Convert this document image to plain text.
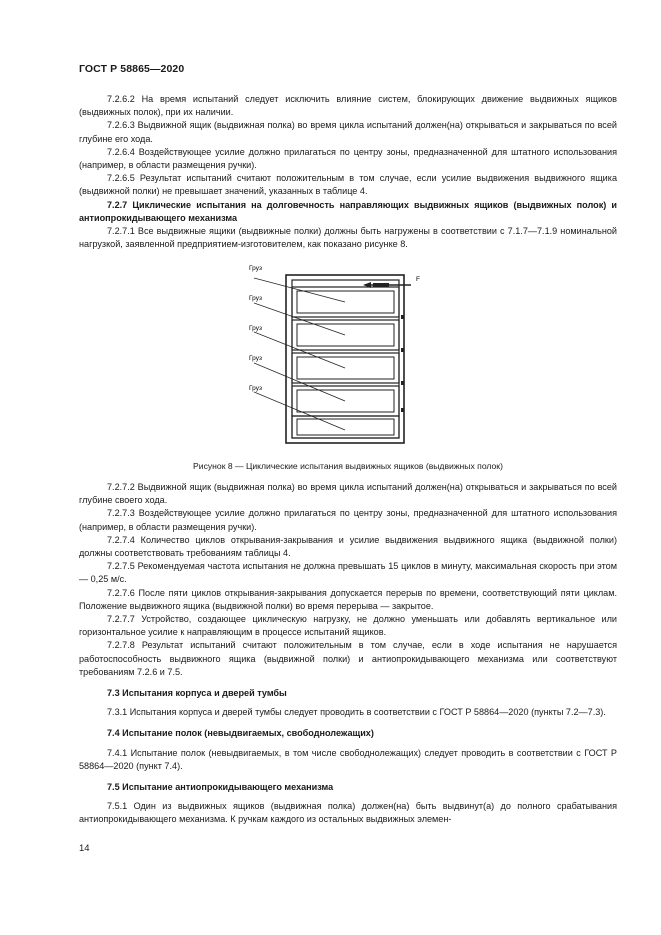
ГОСТ Р 58865—2020

7.2.6.2 На время испытаний следует исключить влияние систем, блокирующих движение выдвижных ящиков (выдвижных полок), при их наличии.

7.2.6.3 Выдвижной ящик (выдвижная полка) во время цикла испытаний должен(на) открываться и закрываться по всей глубине его хода.

7.2.6.4 Воздействующее усилие должно прилагаться по центру зоны, предназначенной для штатного использования (например, в области размещения ручки).

7.2.6.5 Результат испытаний считают положительным в том случае, если усилие выдвижения выдвижного ящика (выдвижной полки) не превышает значений, указанных в таблице 4.

7.2.7 Циклические испытания на долговечность направляющих выдвижных ящиков (выдвижных полок) и антиопрокидывающего механизма

7.2.7.1 Все выдвижные ящики (выдвижные полки) должны быть нагружены в соответствии с 7.1.7—7.1.9 номинальной нагрузкой, заявленной предприятием-изготовителем, как показано рисунке 8.

F
Груз
Груз
Груз
Груз
Груз
Рисунок 8 — Циклические испытания выдвижных ящиков (выдвижных полок)

7.2.7.2 Выдвижной ящик (выдвижная полка) во время цикла испытаний должен(на) открываться и закрываться по всей глубине своего хода.

7.2.7.3 Воздействующее усилие должно прилагаться по центру зоны, предназначенной для штатного использования (например, в области размещения ручки).

7.2.7.4 Количество циклов открывания-закрывания и усилие выдвижения выдвижного ящика (выдвижной полки) должны соответствовать требованиям таблицы 4.

7.2.7.5 Рекомендуемая частота испытания не должна превышать 15 циклов в минуту, максимальная скорость при этом — 0,25 м/с.

7.2.7.6 После пяти циклов открывания-закрывания допускается перерыв по времени, соответствующий пяти циклам. Положение выдвижного ящика (выдвижной полки) во время перерыва — закрытое.

7.2.7.7 Устройство, создающее циклическую нагрузку, не должно уменьшать или добавлять вертикальное или горизонтальное усилие к направляющим в процессе испытаний ящиков.

7.2.7.8 Результат испытаний считают положительным в том случае, если в ходе испытания не нарушается работоспособность выдвижного ящика (выдвижной полки) и антиопрокидывающего механизма или соответствуют требованиям 7.2.6 и 7.5.

7.3 Испытания корпуса и дверей тумбы

7.3.1 Испытания корпуса и дверей тумбы следует проводить в соответствии с ГОСТ Р 58864—2020 (пункты 7.2—7.3).

7.4 Испытание полок (невыдвигаемых, свободнолежащих)

7.4.1 Испытание полок (невыдвигаемых, в том числе свободнолежащих) следует проводить в соответствии с ГОСТ Р 58864—2020 (пункт 7.4).

7.5 Испытание антиопрокидывающего механизма

7.5.1 Один из выдвижных ящиков (выдвижная полка) должен(на) быть выдвинут(а) до полного срабатывания антиопрокидывающего механизма. К ручкам каждого из остальных выдвижных элемен-

14
